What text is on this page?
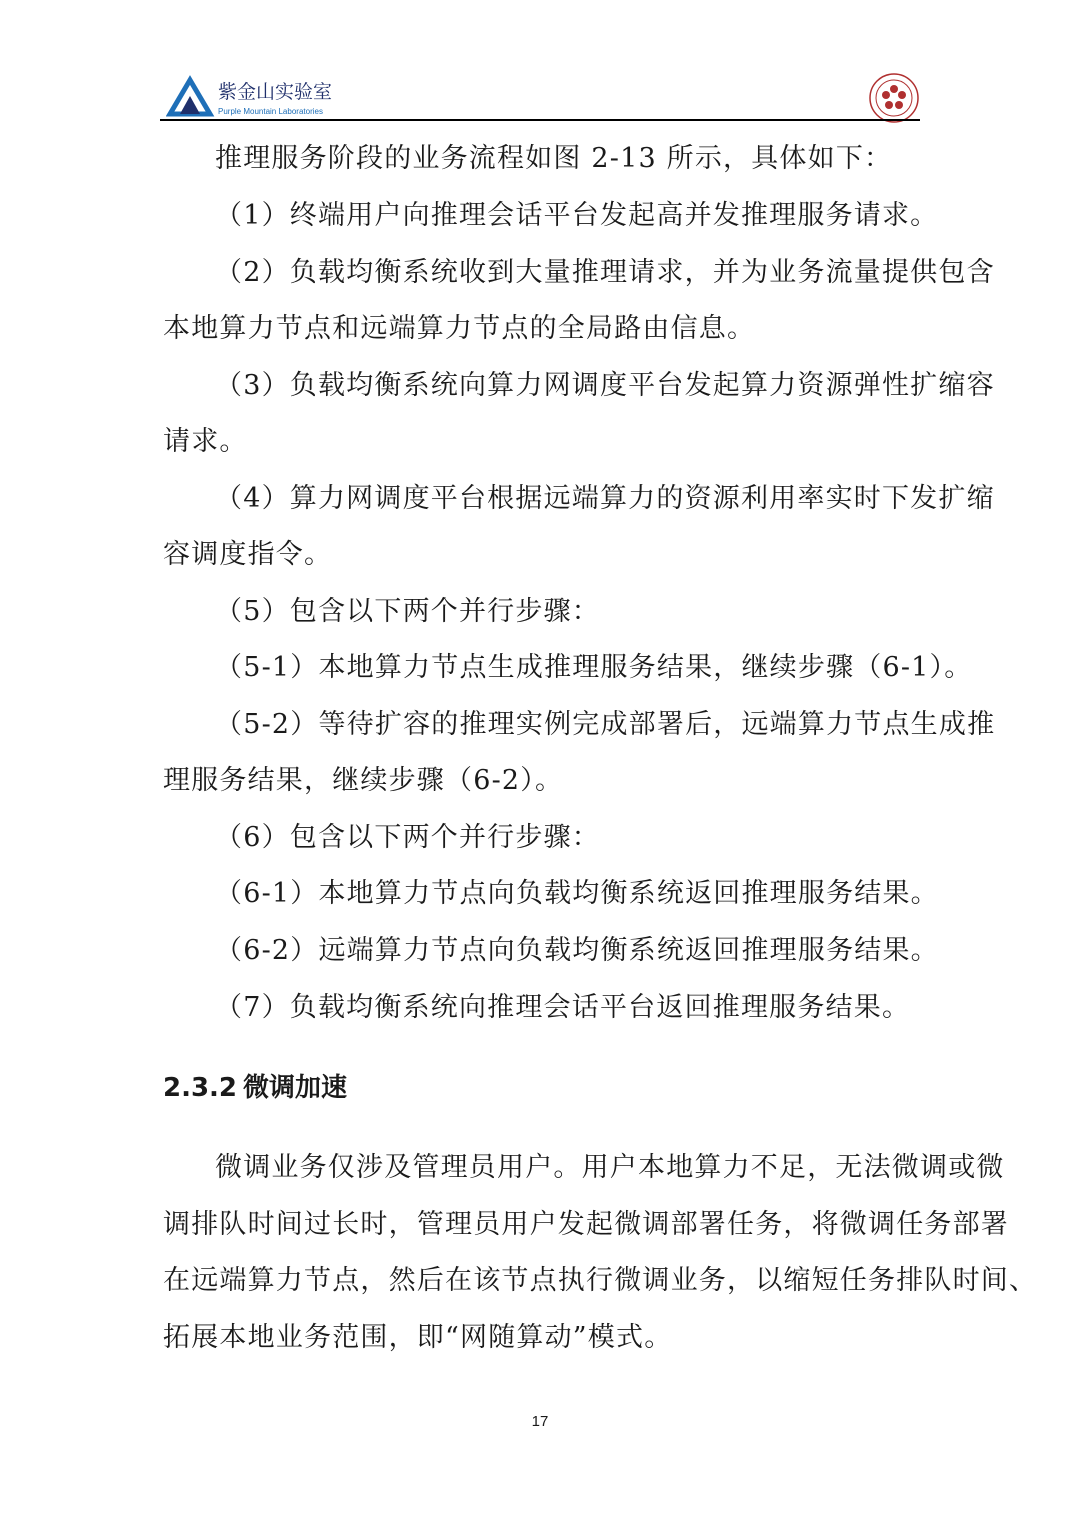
紫金山实验室
Purple Mountain Laboratories
推理服务阶段的业务流程如图 2-13 所示，具体如下：
（1）终端用户向推理会话平台发起高并发推理服务请求。
（2）负载均衡系统收到大量推理请求，并为业务流量提供包含
本地算力节点和远端算力节点的全局路由信息。
（3）负载均衡系统向算力网调度平台发起算力资源弹性扩缩容
请求。
（4）算力网调度平台根据远端算力的资源利用率实时下发扩缩
容调度指令。
（5）包含以下两个并行步骤：
（5-1）本地算力节点生成推理服务结果，继续步骤（6-1）。
（5-2）等待扩容的推理实例完成部署后，远端算力节点生成推
理服务结果，继续步骤（6-2）。
（6）包含以下两个并行步骤：
（6-1）本地算力节点向负载均衡系统返回推理服务结果。
（6-2）远端算力节点向负载均衡系统返回推理服务结果。
（7）负载均衡系统向推理会话平台返回推理服务结果。
2.3.2 微调加速
微调业务仅涉及管理员用户。用户本地算力不足，无法微调或微
调排队时间过长时，管理员用户发起微调部署任务，将微调任务部署
在远端算力节点，然后在该节点执行微调业务，以缩短任务排队时间、
拓展本地业务范围，即“网随算动”模式。
17
